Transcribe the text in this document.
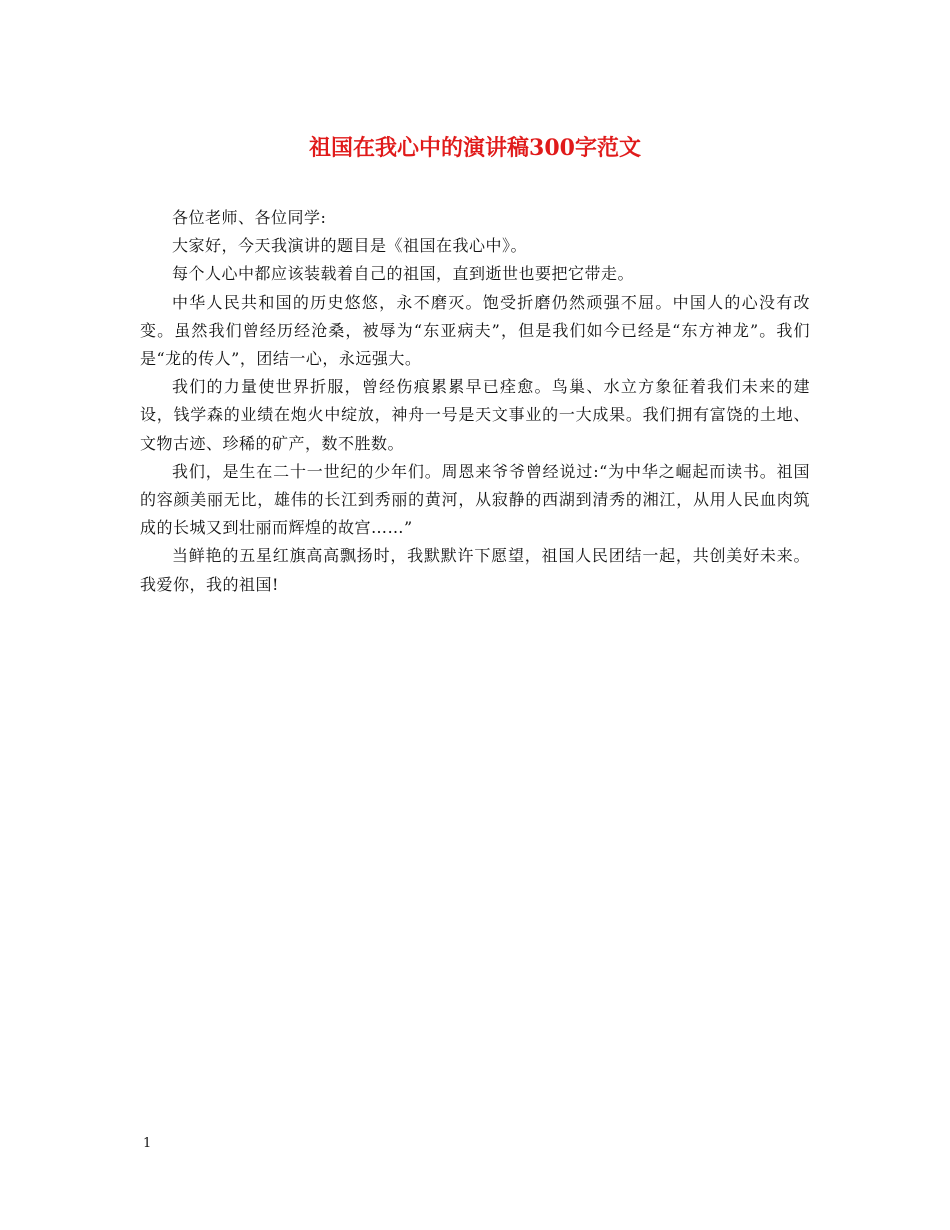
祖国在我心中的演讲稿300字范文

各位老师、各位同学:

大家好，今天我演讲的题目是《祖国在我心中》。

每个人心中都应该装载着自己的祖国，直到逝世也要把它带走。

中华人民共和国的历史悠悠，永不磨灭。饱受折磨仍然顽强不屈。中国人的心没有改变。虽然我们曾经历经沧桑，被辱为“东亚病夫”，但是我们如今已经是“东方神龙”。我们是“龙的传人”，团结一心，永远强大。

我们的力量使世界折服，曾经伤痕累累早已痊愈。鸟巢、水立方象征着我们未来的建设，钱学森的业绩在炮火中绽放，神舟一号是天文事业的一大成果。我们拥有富饶的土地、文物古迹、珍稀的矿产，数不胜数。

我们，是生在二十一世纪的少年们。周恩来爷爷曾经说过:“为中华之崛起而读书。祖国的容颜美丽无比，雄伟的长江到秀丽的黄河，从寂静的西湖到清秀的湘江，从用人民血肉筑成的长城又到壮丽而辉煌的故宫……”

当鲜艳的五星红旗高高飘扬时，我默默许下愿望，祖国人民团结一起，共创美好未来。我爱你，我的祖国!

1
